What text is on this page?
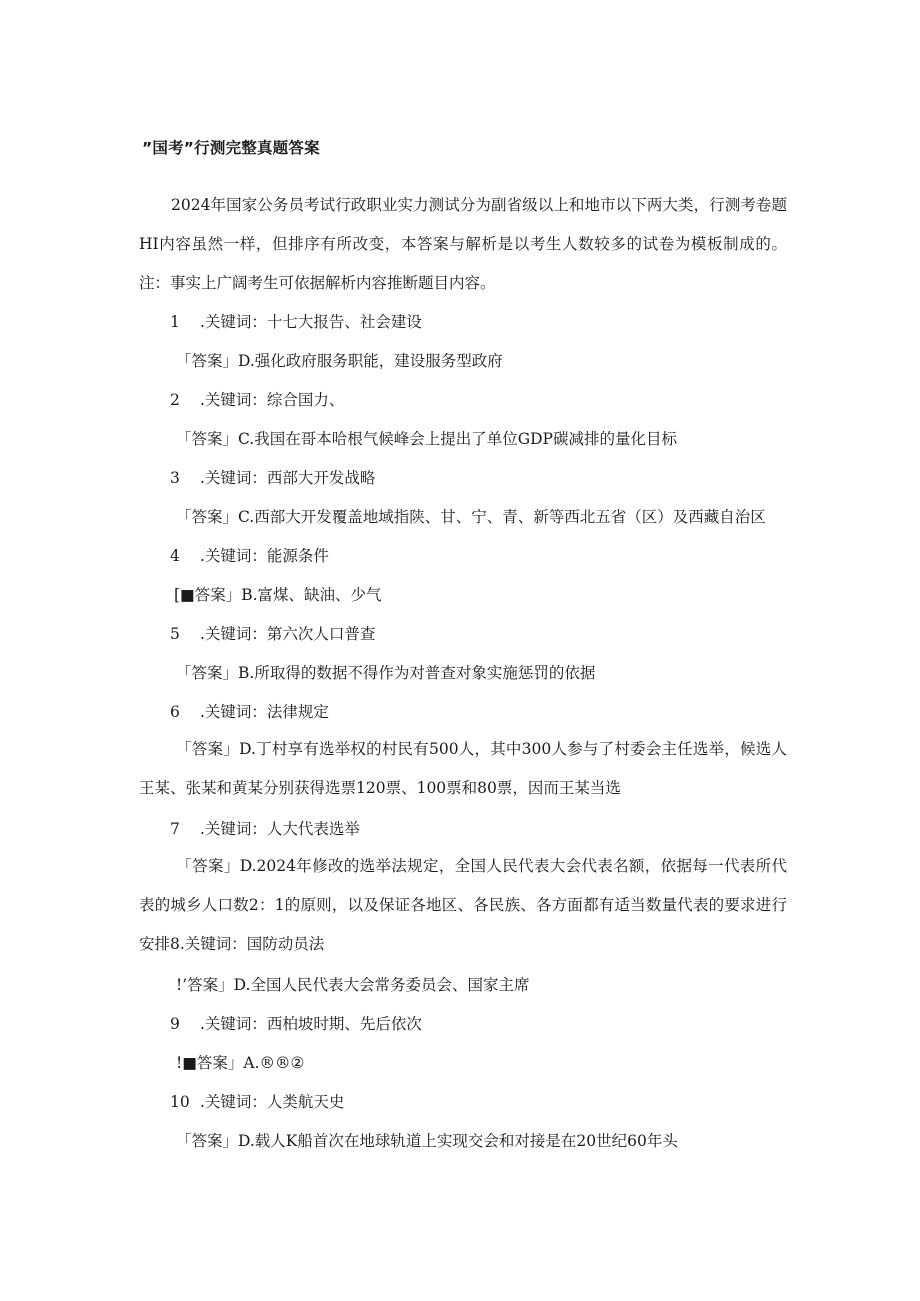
”国考”行测完整真题答案
2024年国家公务员考试行政职业实力测试分为副省级以上和地市以下两大类，行测考卷题HI内容虽然一样，但排序有所改变，本答案与解析是以考生人数较多的试卷为模板制成的。注：事实上广阔考生可依据解析内容推断题目内容。
1 .关键词：十七大报告、社会建设
「答案」D.强化政府服务职能，建设服务型政府
2 .关键词：综合国力、
「答案」C.我国在哥本哈根气候峰会上提出了单位GDP碳减排的量化目标
3 .关键词：西部大开发战略
「答案」C.西部大开发覆盖地域指陕、甘、宁、青、新等西北五省（区）及西藏自治区
4 .关键词：能源条件
[■答案」B.富煤、缺油、少气
5 .关键词：第六次人口普查
「答案」B.所取得的数据不得作为对普查对象实施惩罚的依据
6 .关键词：法律规定
「答案」D.丁村享有选举权的村民有500人，其中300人参与了村委会主任选举，候选人王某、张某和黄某分别获得选票120票、100票和80票，因而王某当选
7 .关键词：人大代表选举
「答案」D.2024年修改的选举法规定，全国人民代表大会代表名额，依据每一代表所代表的城乡人口数2：1的原则，以及保证各地区、各民族、各方面都有适当数量代表的要求进行安排8.关键词：国防动员法
!’答案」D.全国人民代表大会常务委员会、国家主席
9 .关键词：西柏坡时期、先后依次
!■答案」A.®®②
10 .关键词：人类航天史
「答案」D.载人K船首次在地球轨道上实现交会和对接是在20世纪60年头
